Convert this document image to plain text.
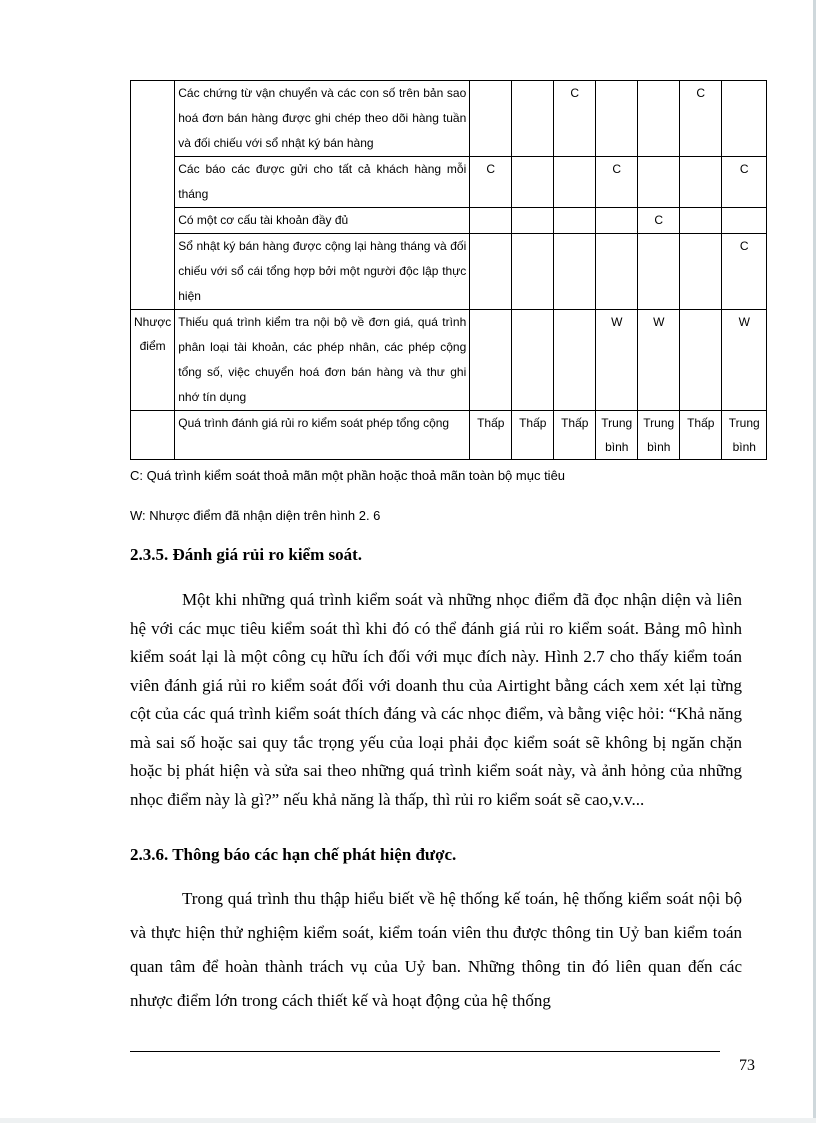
	Các chứng từ vận chuyển và các con số trên bản sao hoá đơn bán hàng được ghi chép theo dõi hàng tuần và đối chiếu với sổ nhật ký bán hàng			C			C	
	Các báo các được gửi cho tất cả khách hàng mỗi tháng	C			C			C
	Có một cơ cấu tài khoản đầy đủ					C		
	Sổ nhật ký bán hàng được cộng lại hàng tháng và đối chiếu với sổ cái tổng hợp bởi một người độc lập thực hiện							C
Nhược điểm	Thiếu quá trình kiểm tra nội bộ về đơn giá, quá trình phân loại tài khoản, các phép nhân, các phép cộng tổng số, việc chuyển hoá đơn bán hàng và thư ghi nhớ tín dụng				W	W		W
	Quá trình đánh giá rủi ro kiểm soát phép tổng cộng	Thấp	Thấp	Thấp	Trung bình	Trung bình	Thấp	Trung bình
C: Quá trình kiểm soát thoả mãn một phần hoặc thoả mãn toàn bộ mục tiêu
W: Nhược điểm đã nhận diện trên hình 2. 6
2.3.5. Đánh giá rủi ro kiểm soát.

Một khi những quá trình kiểm soát và những nhọc điểm đã đọc nhận diện và liên hệ với các mục tiêu kiểm soát thì khi đó có thể đánh giá rủi ro kiểm soát. Bảng mô hình kiểm soát lại là một công cụ hữu ích đối với mục đích này. Hình 2.7 cho thấy kiểm toán viên đánh giá rủi ro kiểm soát đối với doanh thu của Airtight bằng cách xem xét lại từng cột của các quá trình kiểm soát thích đáng và các nhọc điểm, và bằng việc hỏi: “Khả năng mà sai số hoặc sai quy tắc trọng yếu của loại phải đọc kiểm soát sẽ không bị ngăn chặn hoặc bị phát hiện và sửa sai theo những quá trình kiểm soát này, và ảnh hỏng của những nhọc điểm này là gì?” nếu khả năng là thấp, thì rủi ro kiểm soát sẽ cao,v.v...

2.3.6. Thông báo các hạn chế phát hiện được.

Trong quá trình thu thập hiểu biết về hệ thống kế toán, hệ thống kiểm soát nội bộ và thực hiện thử nghiệm kiểm soát, kiểm toán viên thu được thông tin Uỷ ban kiểm toán quan tâm để hoàn thành trách vụ của Uỷ ban. Những thông tin đó liên quan đến các nhược điểm lớn trong cách thiết kế và hoạt động của hệ thống

73
